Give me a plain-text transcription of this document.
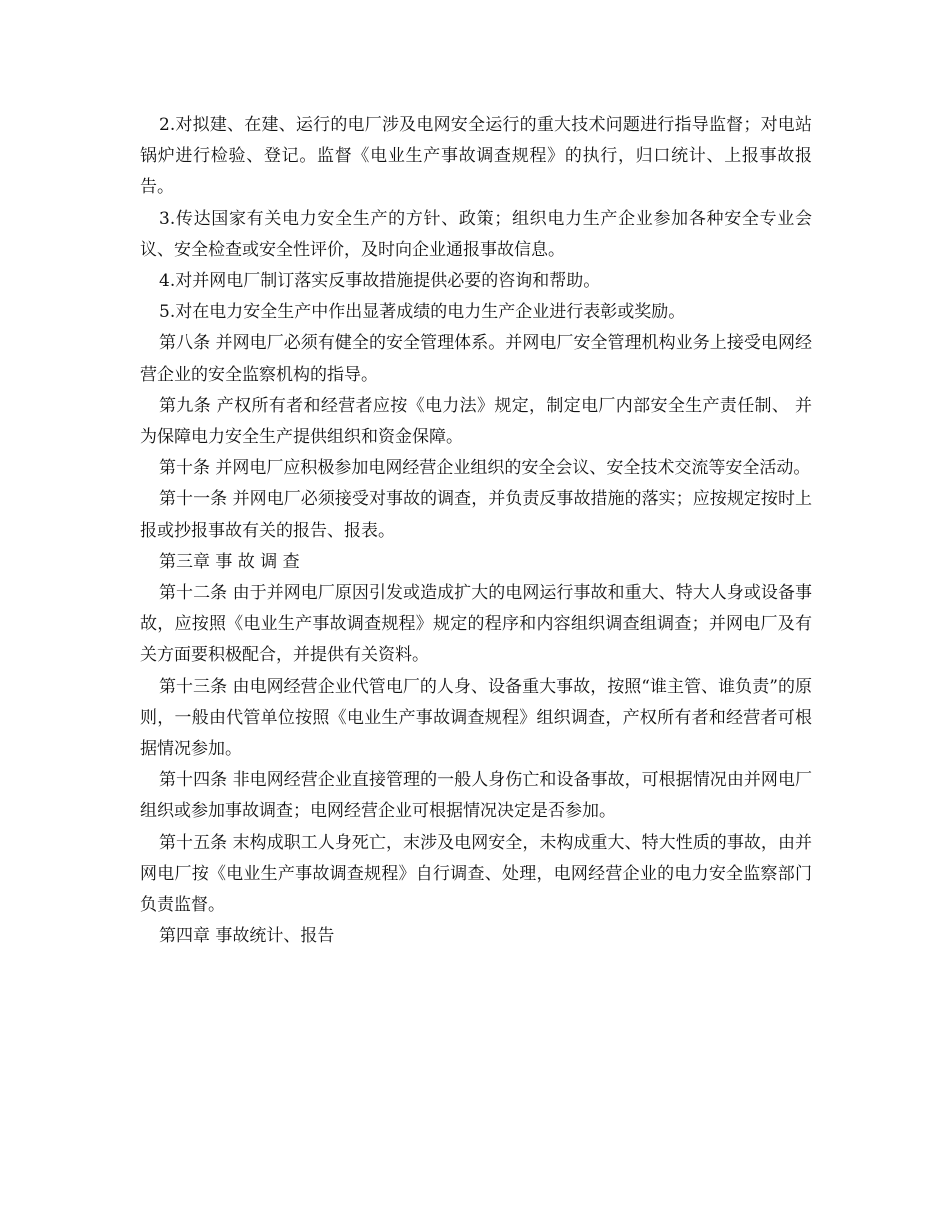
2.对拟建、在建、运行的电厂涉及电网安全运行的重大技术问题进行指导监督；对电站锅炉进行检验、登记。监督《电业生产事故调查规程》的执行，归口统计、上报事故报告。

3.传达国家有关电力安全生产的方针、政策；组织电力生产企业参加各种安全专业会议、安全检查或安全性评价，及时向企业通报事故信息。

4.对并网电厂制订落实反事故措施提供必要的咨询和帮助。

5.对在电力安全生产中作出显著成绩的电力生产企业进行表彰或奖励。

第八条 并网电厂必须有健全的安全管理体系。并网电厂安全管理机构业务上接受电网经营企业的安全监察机构的指导。

第九条 产权所有者和经营者应按《电力法》规定，制定电厂内部安全生产责任制、 并为保障电力安全生产提供组织和资金保障。

第十条 并网电厂应积极参加电网经营企业组织的安全会议、安全技术交流等安全活动。

第十一条 并网电厂必须接受对事故的调查，并负责反事故措施的落实；应按规定按时上报或抄报事故有关的报告、报表。

第三章 事 故 调 查

第十二条 由于并网电厂原因引发或造成扩大的电网运行事故和重大、特大人身或设备事故，应按照《电业生产事故调查规程》规定的程序和内容组织调查组调查；并网电厂及有关方面要积极配合，并提供有关资料。

第十三条 由电网经营企业代管电厂的人身、设备重大事故，按照“谁主管、谁负责”的原则，一般由代管单位按照《电业生产事故调查规程》组织调查，产权所有者和经营者可根据情况参加。

第十四条 非电网经营企业直接管理的一般人身伤亡和设备事故，可根据情况由并网电厂组织或参加事故调查；电网经营企业可根据情况决定是否参加。

第十五条 末构成职工人身死亡，末涉及电网安全，未构成重大、特大性质的事故，由并网电厂按《电业生产事故调查规程》自行调查、处理，电网经营企业的电力安全监察部门负责监督。

第四章 事故统计、报告
